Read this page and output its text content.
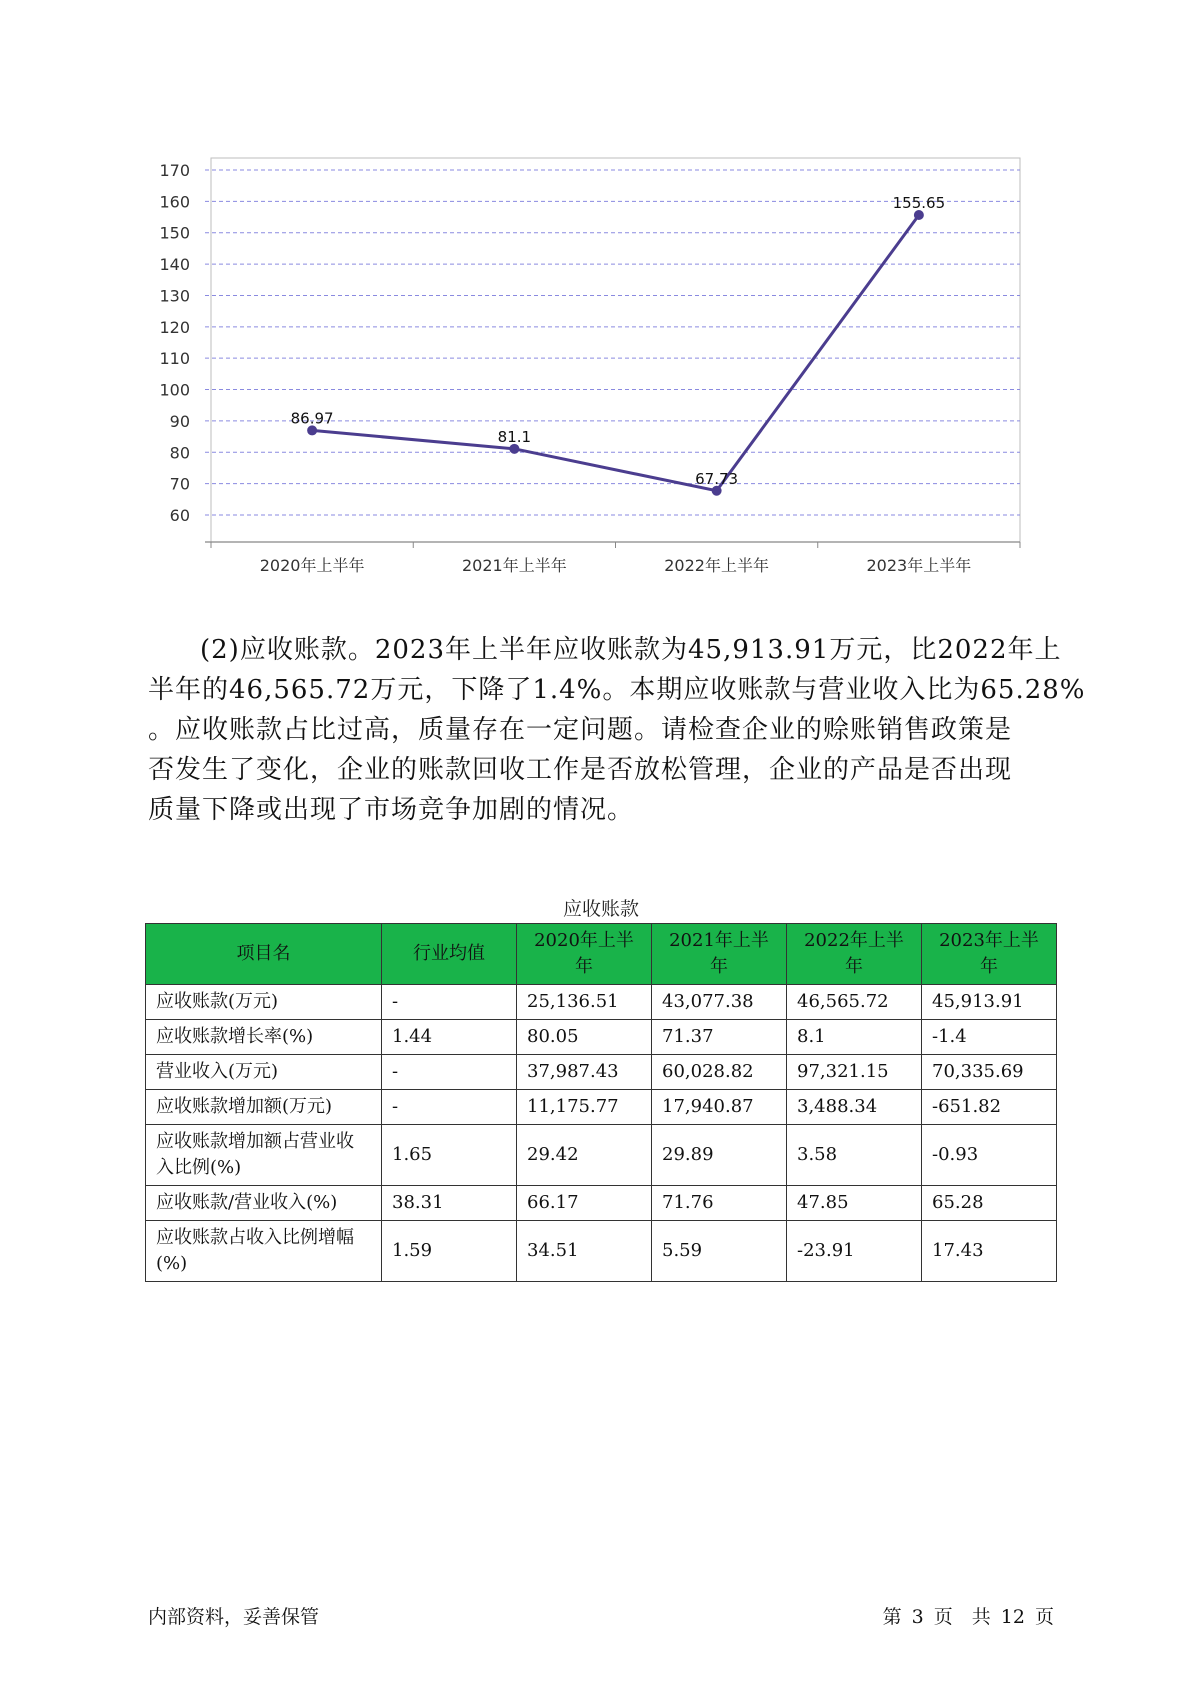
60
70
80
90
100
110
120
130
140
150
160
170
2020年上半年	2021年上半年	2022年上半年	2023年上半年
86.97
81.1
67.73
155.65
(2)应收账款。2023年上半年应收账款为45,913.91万元，比2022年上
半年的46,565.72万元，下降了1.4%。本期应收账款与营业收入比为65.28%
。应收账款占比过高，质量存在一定问题。请检查企业的赊账销售政策是
否发生了变化，企业的账款回收工作是否放松管理，企业的产品是否出现
质量下降或出现了市场竞争加剧的情况。
应收账款
项目名	行业均值	2020年上半年	2021年上半年	2022年上半年	2023年上半年
应收账款(万元)	-	25,136.51	43,077.38	46,565.72	45,913.91
应收账款增长率(%)	1.44	80.05	71.37	8.1	-1.4
营业收入(万元)	-	37,987.43	60,028.82	97,321.15	70,335.69
应收账款增加额(万元)	-	11,175.77	17,940.87	3,488.34	-651.82
应收账款增加额占营业收入比例(%)	1.65	29.42	29.89	3.58	-0.93
应收账款/营业收入(%)	38.31	66.17	71.76	47.85	65.28
应收账款占收入比例增幅(%)	1.59	34.51	5.59	-23.91	17.43
内部资料，妥善保管	第 3 页　共 12 页
